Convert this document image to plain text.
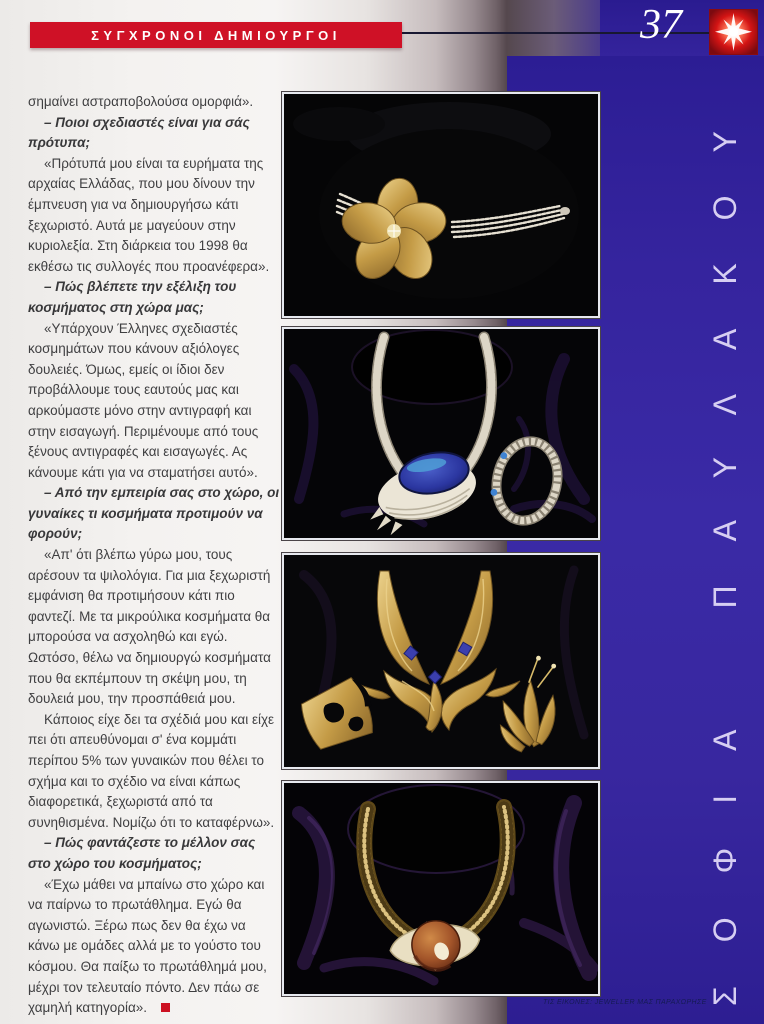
ΣΥΓΧΡΟΝΟΙ ΔΗΜΙΟΥΡΓΟΙ	37
ΣΟΦΙΑ ΠΑΥΛΑΚΟΥ

σημαίνει αστραποβολούσα ομορφιά».

– Ποιοι σχεδιαστές είναι για σάς πρότυπα;

«Πρότυπά μου είναι τα ευρήματα της αρχαίας Ελλάδας, που μου δίνουν την έμπνευση για να δημιουργήσω κάτι ξεχωριστό. Αυτά με μαγεύουν στην κυριολεξία. Στη διάρκεια του 1998 θα εκθέσω τις συλλογές που προανέφερα».

– Πώς βλέπετε την εξέλιξη του κοσμήματος στη χώρα μας;

«Υπάρχουν Έλληνες σχεδιαστές κοσμημάτων που κάνουν αξιόλογες δουλειές. Όμως, εμείς οι ίδιοι δεν προβάλλουμε τους εαυτούς μας και αρκούμαστε μόνο στην αντιγραφή και στην εισαγωγή. Περιμένουμε από τους ξένους αντιγραφές και εισαγωγές. Ας κάνουμε κάτι για να σταματήσει αυτό».

– Από την εμπειρία σας στο χώρο, οι γυναίκες τι κοσμήματα προτιμούν να φορούν;

«Απ' ότι βλέπω γύρω μου, τους αρέσουν τα ψιλολόγια. Για μια ξεχωριστή εμφάνιση θα προτιμήσουν κάτι πιο φαντεζί. Με τα μικρούλικα κοσμήματα θα μπορούσα να ασχοληθώ και εγώ. Ωστόσο, θέλω να δημιουργώ κοσμήματα που θα εκπέμπουν τη σκέψη μου, τη δουλειά μου, την προσπάθειά μου.

Κάποιος είχε δει τα σχέδιά μου και είχε πει ότι απευθύνομαι σ' ένα κομμάτι περίπου 5% των γυναικών που θέλει το σχήμα και το σχέδιο να είναι κάπως διαφορετικά, ξεχωριστά από τα συνηθισμένα. Νομίζω ότι το καταφέρνω».

– Πώς φαντάζεστε το μέλλον σας στο χώρο του κοσμήματος;

«Έχω μάθει να μπαίνω στο χώρο και να παίρνω το πρωτάθλημα. Εγώ θα αγωνιστώ. Ξέρω πως δεν θα έχω να κάνω με ομάδες αλλά με το γούστο του κόσμου. Θα παίξω το πρωτάθλημά μου, μέχρι τον τελευταίο πόντο. Δεν πάω σε χαμηλή κατηγορία».	ΤΙΣ ΕΙΚΟΝΕΣ: JEWELLER ΜΑΣ ΠΑΡΑΧΩΡΗΣΕ
